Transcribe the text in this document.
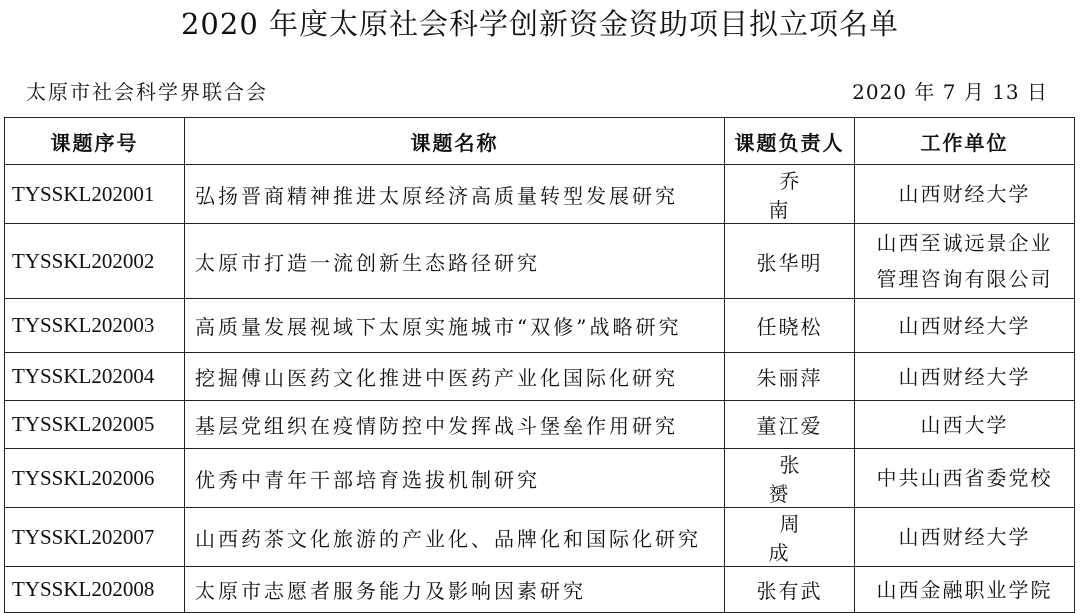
2020 年度太原社会科学创新资金资助项目拟立项名单
太原市社会科学界联合会	2020 年 7 月 13 日
课题序号	课题名称	课题负责人	工作单位
TYSSKL202001	弘扬晋商精神推进太原经济高质量转型发展研究	乔 南	山西财经大学
TYSSKL202002	太原市打造一流创新生态路径研究	张华明	山西至诚远景企业
管理咨询有限公司

TYSSKL202003	高质量发展视域下太原实施城市“双修”战略研究	任晓松	山西财经大学
TYSSKL202004	挖掘傅山医药文化推进中医药产业化国际化研究	朱丽萍	山西财经大学
TYSSKL202005	基层党组织在疫情防控中发挥战斗堡垒作用研究	董江爱	山西大学
TYSSKL202006	优秀中青年干部培育选拔机制研究	张 赟	中共山西省委党校
TYSSKL202007	山西药茶文化旅游的产业化、品牌化和国际化研究	周 成	山西财经大学
TYSSKL202008	太原市志愿者服务能力及影响因素研究	张有武	山西金融职业学院
